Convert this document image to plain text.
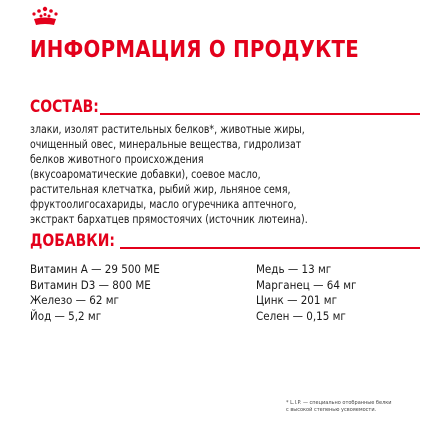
ИНФОРМАЦИЯ О ПРОДУКТЕ
СОСТАВ:
злаки, изолят растительных белков*, животные жиры,
очищенный овес, минеральные вещества, гидролизат
белков животного происхождения
(вкусоароматические добавки), соевое масло,
растительная клетчатка, рыбий жир, льняное семя,
фруктоолигосахариды, масло огуречника аптечного,
экстракт бархатцев прямостоячих (источник лютеина).
ДОБАВКИ:
Витамин А — 29 500 МЕ
Витамин D3 — 800 МЕ
Железо — 62 мг
Йод — 5,2 мг
Медь — 13 мг
Марганец — 64 мг
Цинк — 201 мг
Селен — 0,15 мг
* L.I.P. — специально отобранные белки
с высокой степенью усвояемости.
